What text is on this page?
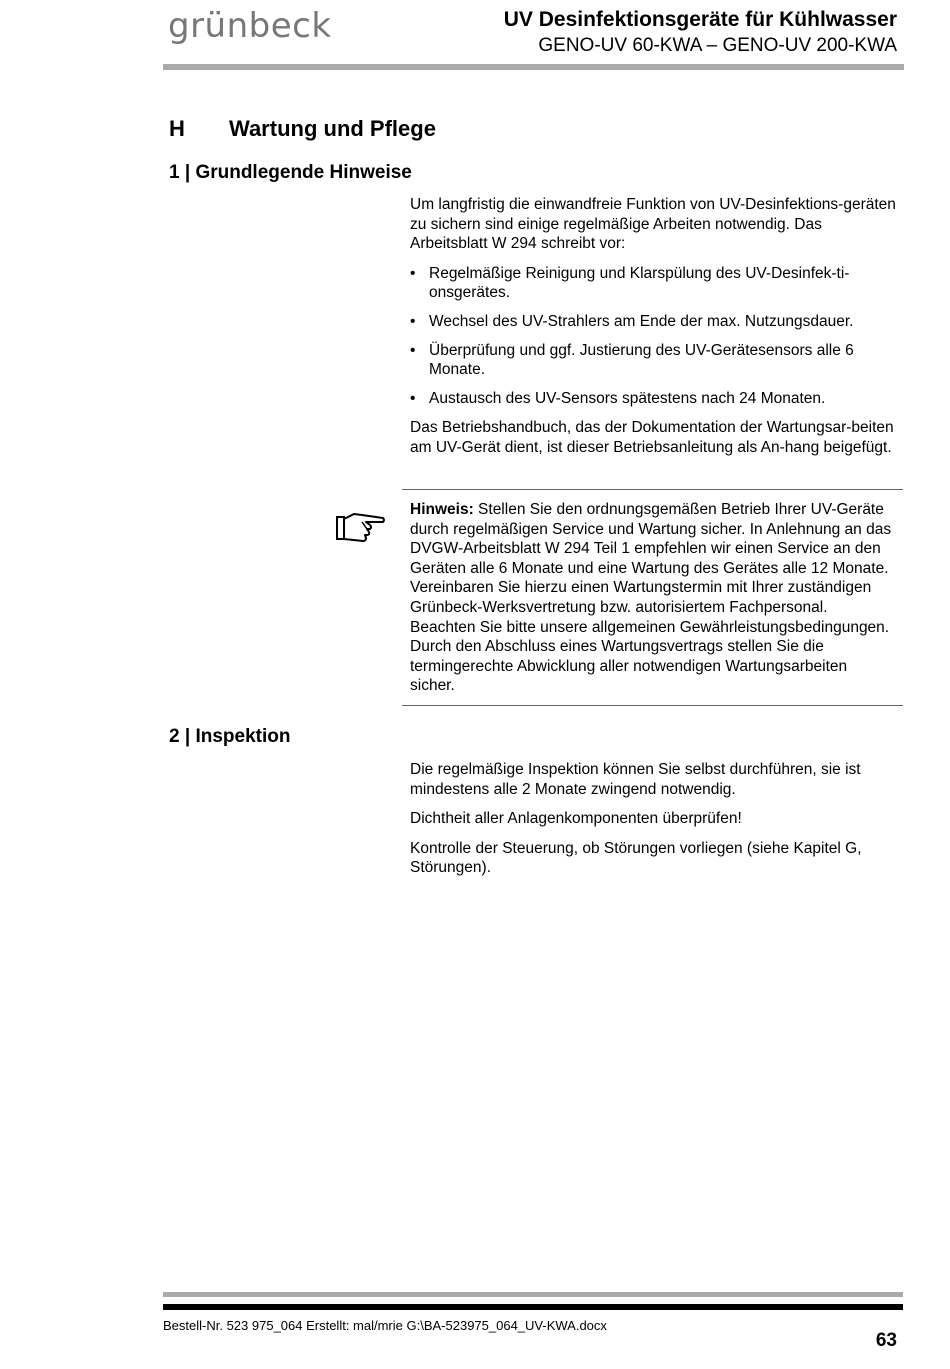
grünbeck	UV Desinfektionsgeräte für Kühlwasser
GENO-UV 60-KWA – GENO-UV 200-KWA
H Wartung und Pflege
1 | Grundlegende Hinweise

Um langfristig die einwandfreie Funktion von UV-Desinfektions-geräten zu sichern sind einige regelmäßige Arbeiten notwendig. Das Arbeitsblatt W 294 schreibt vor:

• Regelmäßige Reinigung und Klarspülung des UV-Desinfek-ti-onsgerätes.
• Wechsel des UV-Strahlers am Ende der max. Nutzungsdauer.
• Überprüfung und ggf. Justierung des UV-Gerätesensors alle 6 Monate.
• Austausch des UV-Sensors spätestens nach 24 Monaten.

Das Betriebshandbuch, das der Dokumentation der Wartungsar-beiten am UV-Gerät dient, ist dieser Betriebsanleitung als An-hang beigefügt.

Hinweis: Stellen Sie den ordnungsgemäßen Betrieb Ihrer UV-Geräte durch regelmäßigen Service und Wartung sicher. In Anlehnung an das DVGW-Arbeitsblatt W 294 Teil 1 empfehlen wir einen Service an den Geräten alle 6 Monate und eine Wartung des Gerätes alle 12 Monate. Vereinbaren Sie hierzu einen Wartungstermin mit Ihrer zuständigen Grünbeck-Werksvertretung bzw. autorisiertem Fachpersonal. Beachten Sie bitte unsere allgemeinen Gewährleistungsbedingungen. Durch den Abschluss eines Wartungsvertrags stellen Sie die termingerechte Abwicklung aller notwendigen Wartungsarbeiten sicher.
2 | Inspektion

Die regelmäßige Inspektion können Sie selbst durchführen, sie ist mindestens alle 2 Monate zwingend notwendig.

Dichtheit aller Anlagenkomponenten überprüfen!

Kontrolle der Steuerung, ob Störungen vorliegen (siehe Kapitel G, Störungen).

Bestell-Nr. 523 975_064 Erstellt: mal/mrie G:\BA-523975_064_UV-KWA.docx
63
